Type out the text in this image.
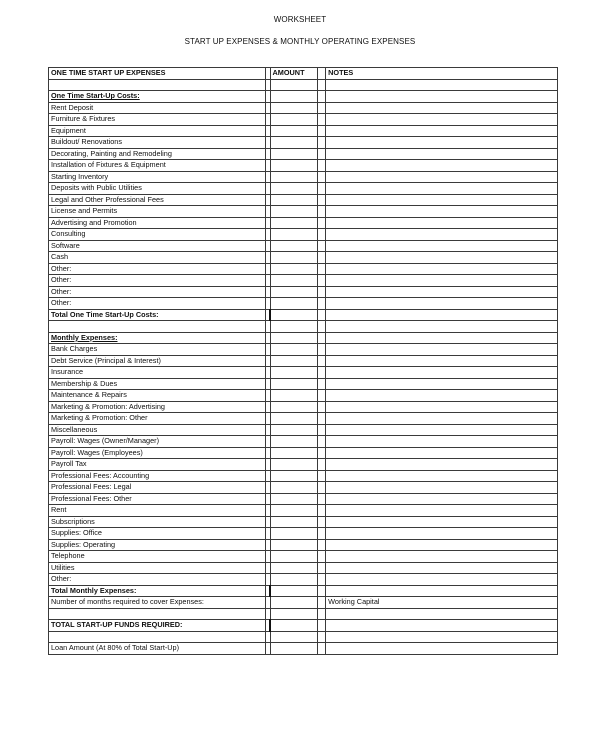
WORKSHEET
START UP EXPENSES & MONTHLY OPERATING EXPENSES
ONE TIME START UP EXPENSES		AMOUNT		NOTES

One Time Start-Up Costs:				
Rent Deposit				
Furniture & Fixtures				
Equipment				
Buildout/ Renovations				
Decorating, Painting and Remodeling				
Installation of Fixtures & Equipment				
Starting Inventory				
Deposits with Public Utilities				
Legal and Other Professional Fees				
License and Permits				
Advertising and Promotion				
Consulting				
Software				
Cash				
Other:				
Other:				
Other:				
Other:				
Total One Time Start-Up Costs:				

Monthly Expenses:				
Bank Charges				
Debt Service (Principal & Interest)				
Insurance				
Membership & Dues				
Maintenance & Repairs				
Marketing & Promotion: Advertising				
Marketing & Promotion: Other				
Miscellaneous				
Payroll: Wages (Owner/Manager)				
Payroll: Wages (Employees)				
Payroll Tax				
Professional Fees: Accounting				
Professional Fees: Legal				
Professional Fees: Other				
Rent				
Subscriptions				
Supplies: Office				
Supplies: Operating				
Telephone				
Utilities				
Other:				
Total Monthly Expenses:				
Number of months required to cover Expenses:				Working Capital

TOTAL START-UP FUNDS REQUIRED:				

Loan Amount (At 80% of Total Start-Up)				
